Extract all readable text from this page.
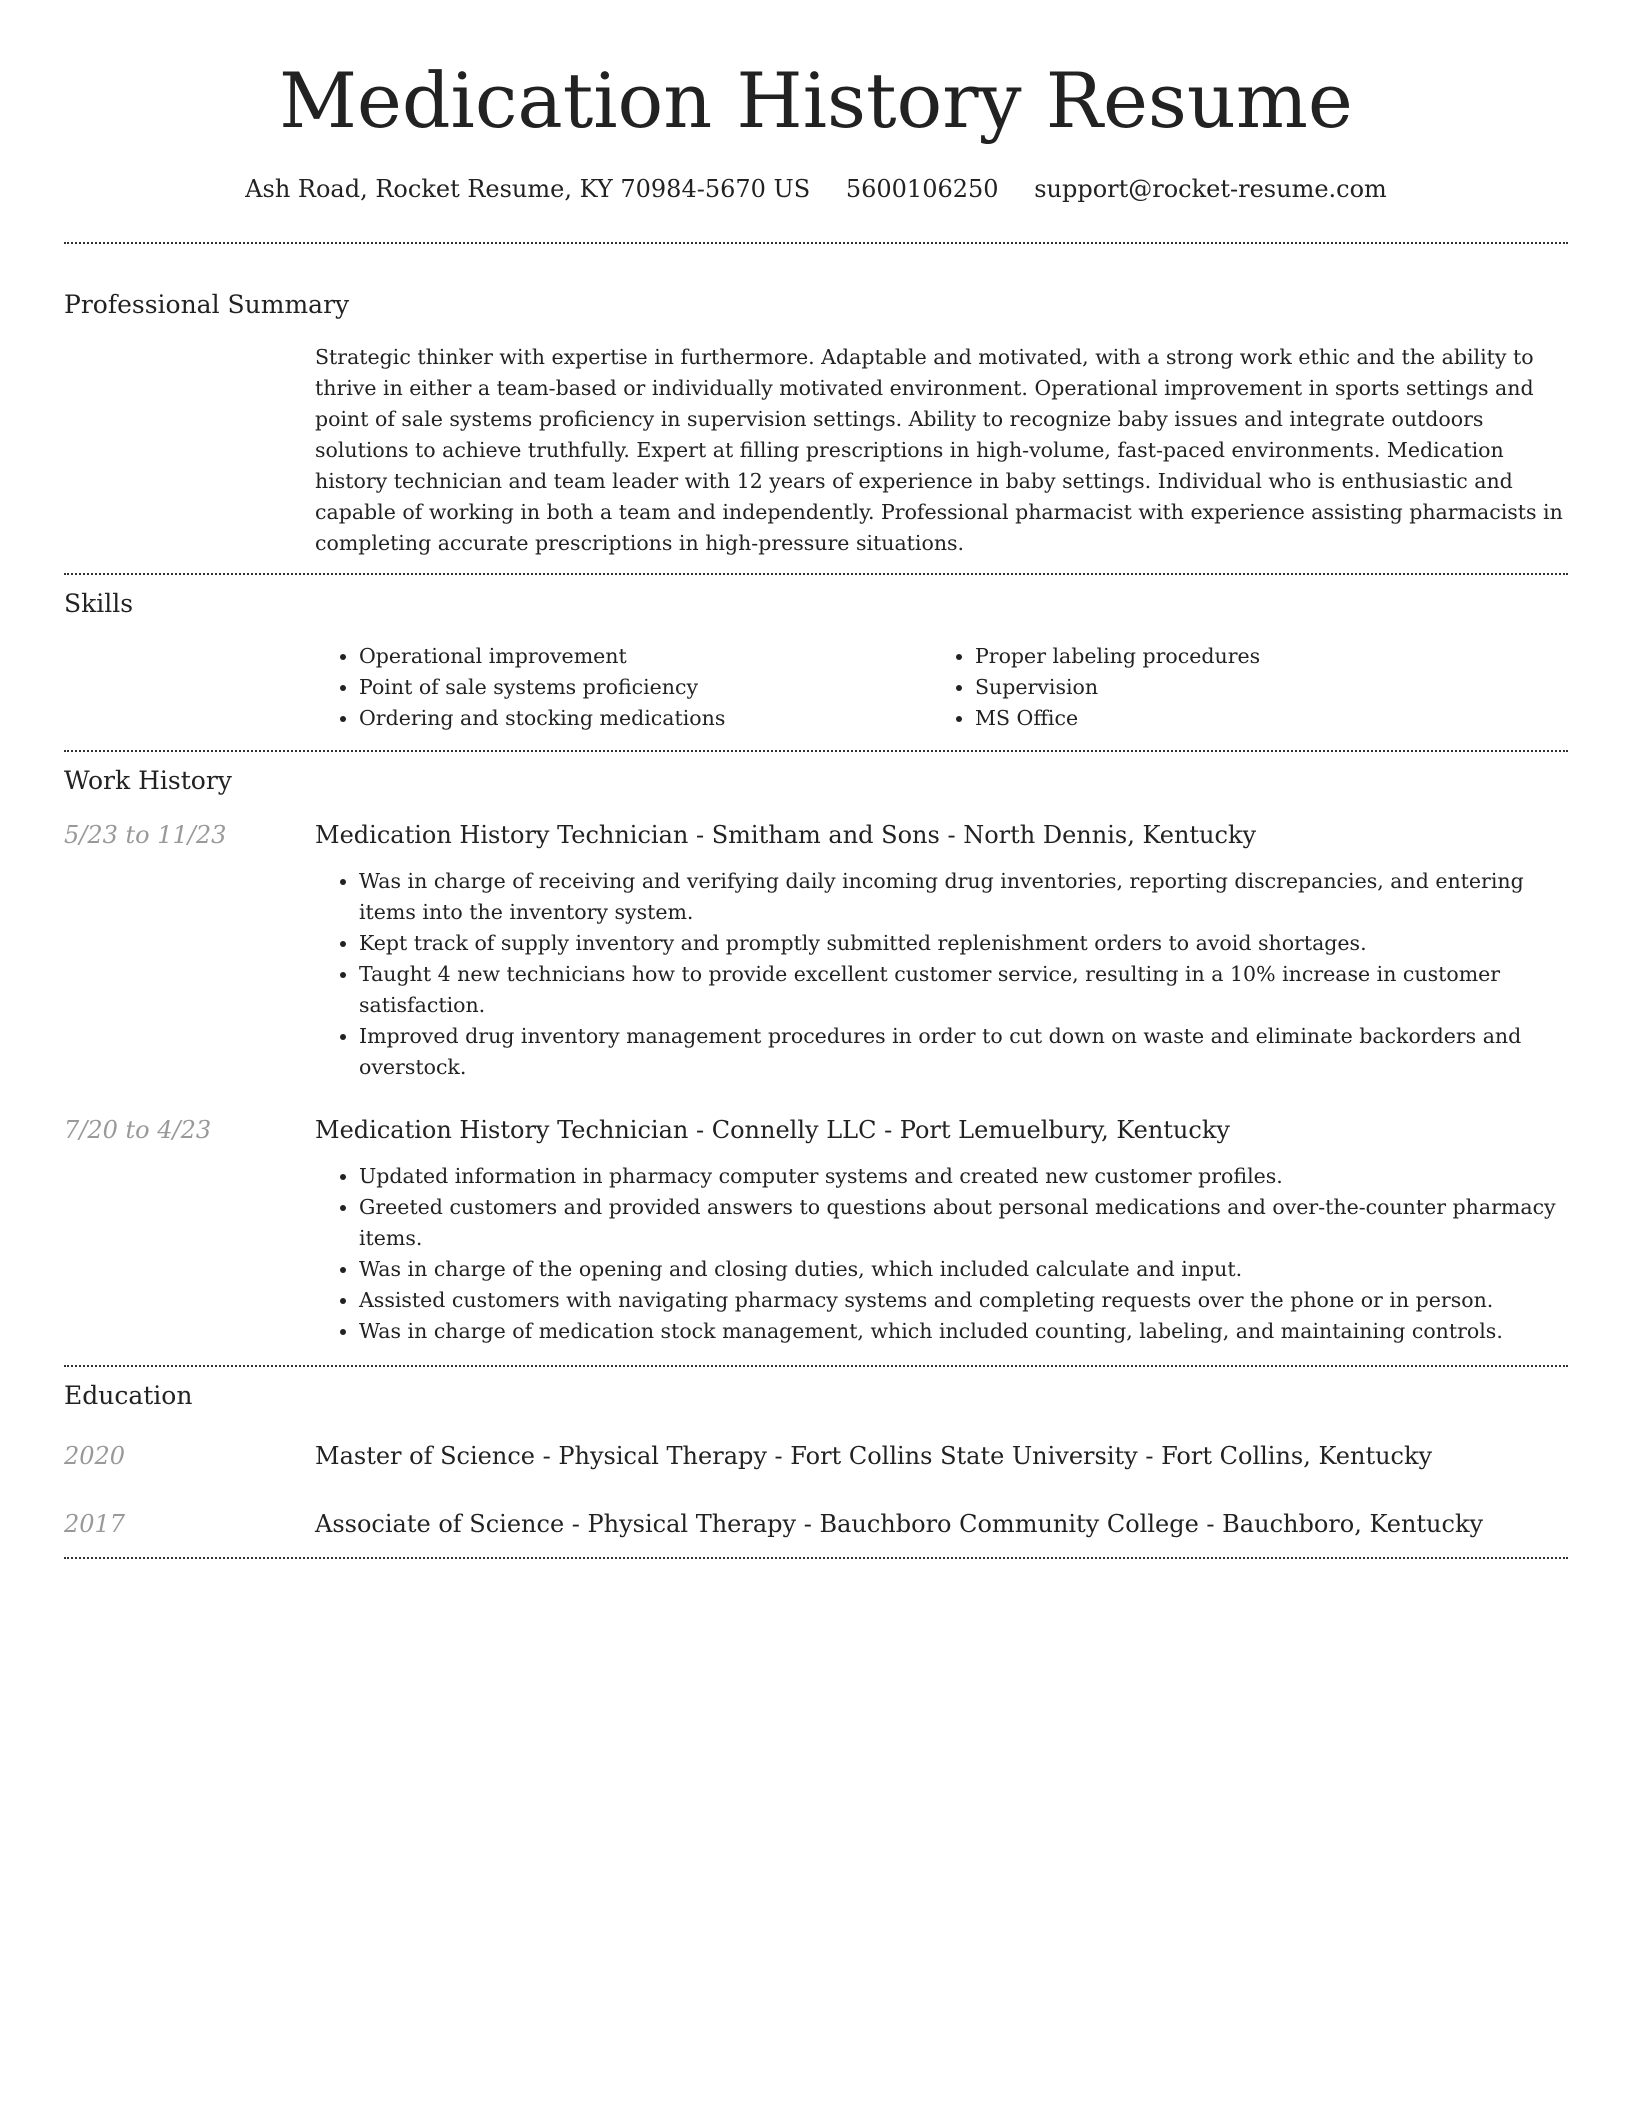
Medication History Resume
Ash Road, Rocket Resume, KY 70984-5670 US 5600106250 support@rocket-resume.com
Professional Summary
Strategic thinker with expertise in furthermore. Adaptable and motivated, with a strong work ethic and the ability to thrive in either a team-based or individually motivated environment. Operational improvement in sports settings and point of sale systems proficiency in supervision settings. Ability to recognize baby issues and integrate outdoors solutions to achieve truthfully. Expert at filling prescriptions in high-volume, fast-paced environments. Medication history technician and team leader with 12 years of experience in baby settings. Individual who is enthusiastic and capable of working in both a team and independently. Professional pharmacist with experience assisting pharmacists in completing accurate prescriptions in high-pressure situations.
Skills
• Operational improvement
• Point of sale systems proficiency
• Ordering and stocking medications
• Proper labeling procedures
• Supervision
• MS Office
Work History
5/23 to 11/23	Medication History Technician - Smitham and Sons - North Dennis, Kentucky
• Was in charge of receiving and verifying daily incoming drug inventories, reporting discrepancies, and entering items into the inventory system.
• Kept track of supply inventory and promptly submitted replenishment orders to avoid shortages.
• Taught 4 new technicians how to provide excellent customer service, resulting in a 10% increase in customer satisfaction.
• Improved drug inventory management procedures in order to cut down on waste and eliminate backorders and overstock.
7/20 to 4/23	Medication History Technician - Connelly LLC - Port Lemuelbury, Kentucky
• Updated information in pharmacy computer systems and created new customer profiles.
• Greeted customers and provided answers to questions about personal medications and over-the-counter pharmacy items.
• Was in charge of the opening and closing duties, which included calculate and input.
• Assisted customers with navigating pharmacy systems and completing requests over the phone or in person.
• Was in charge of medication stock management, which included counting, labeling, and maintaining controls.
Education
2020	Master of Science - Physical Therapy - Fort Collins State University - Fort Collins, Kentucky
2017	Associate of Science - Physical Therapy - Bauchboro Community College - Bauchboro, Kentucky
